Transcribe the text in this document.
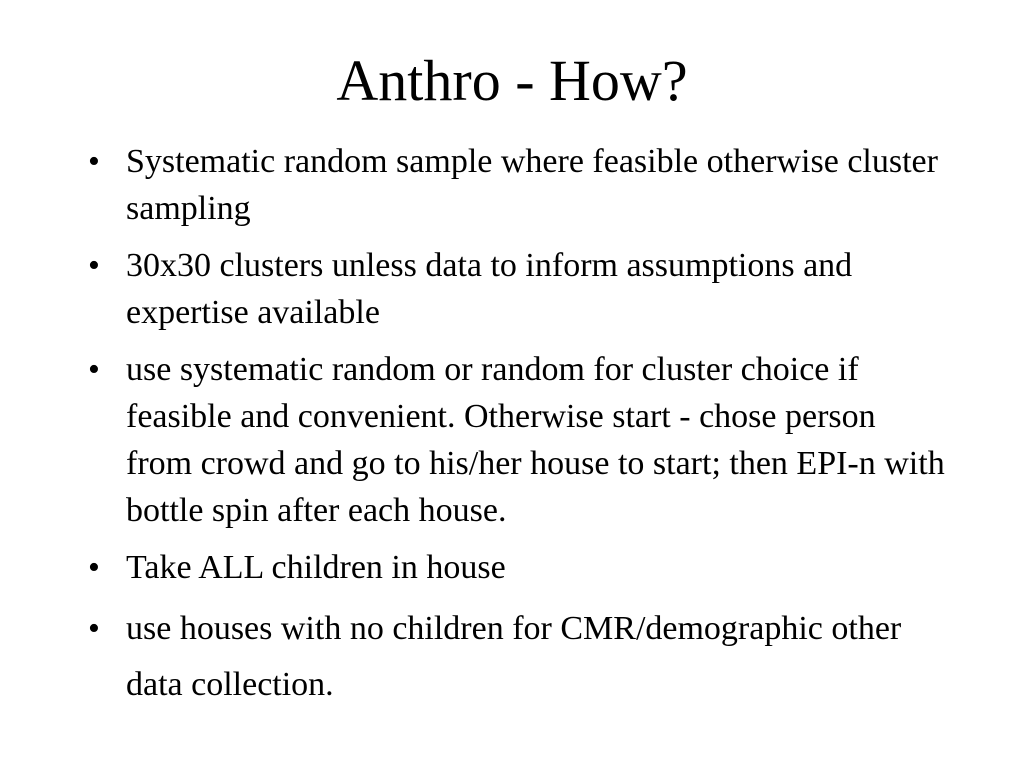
Anthro - How?
• Systematic random sample where feasible otherwise cluster sampling
• 30x30 clusters unless data to inform assumptions and expertise available
• use systematic random or random for cluster choice if feasible and convenient. Otherwise start - chose person from crowd and go to his/her house to start; then EPI-n with bottle spin after each house.
• Take ALL children in house
• use houses with no children for CMR/demographic other data collection.
